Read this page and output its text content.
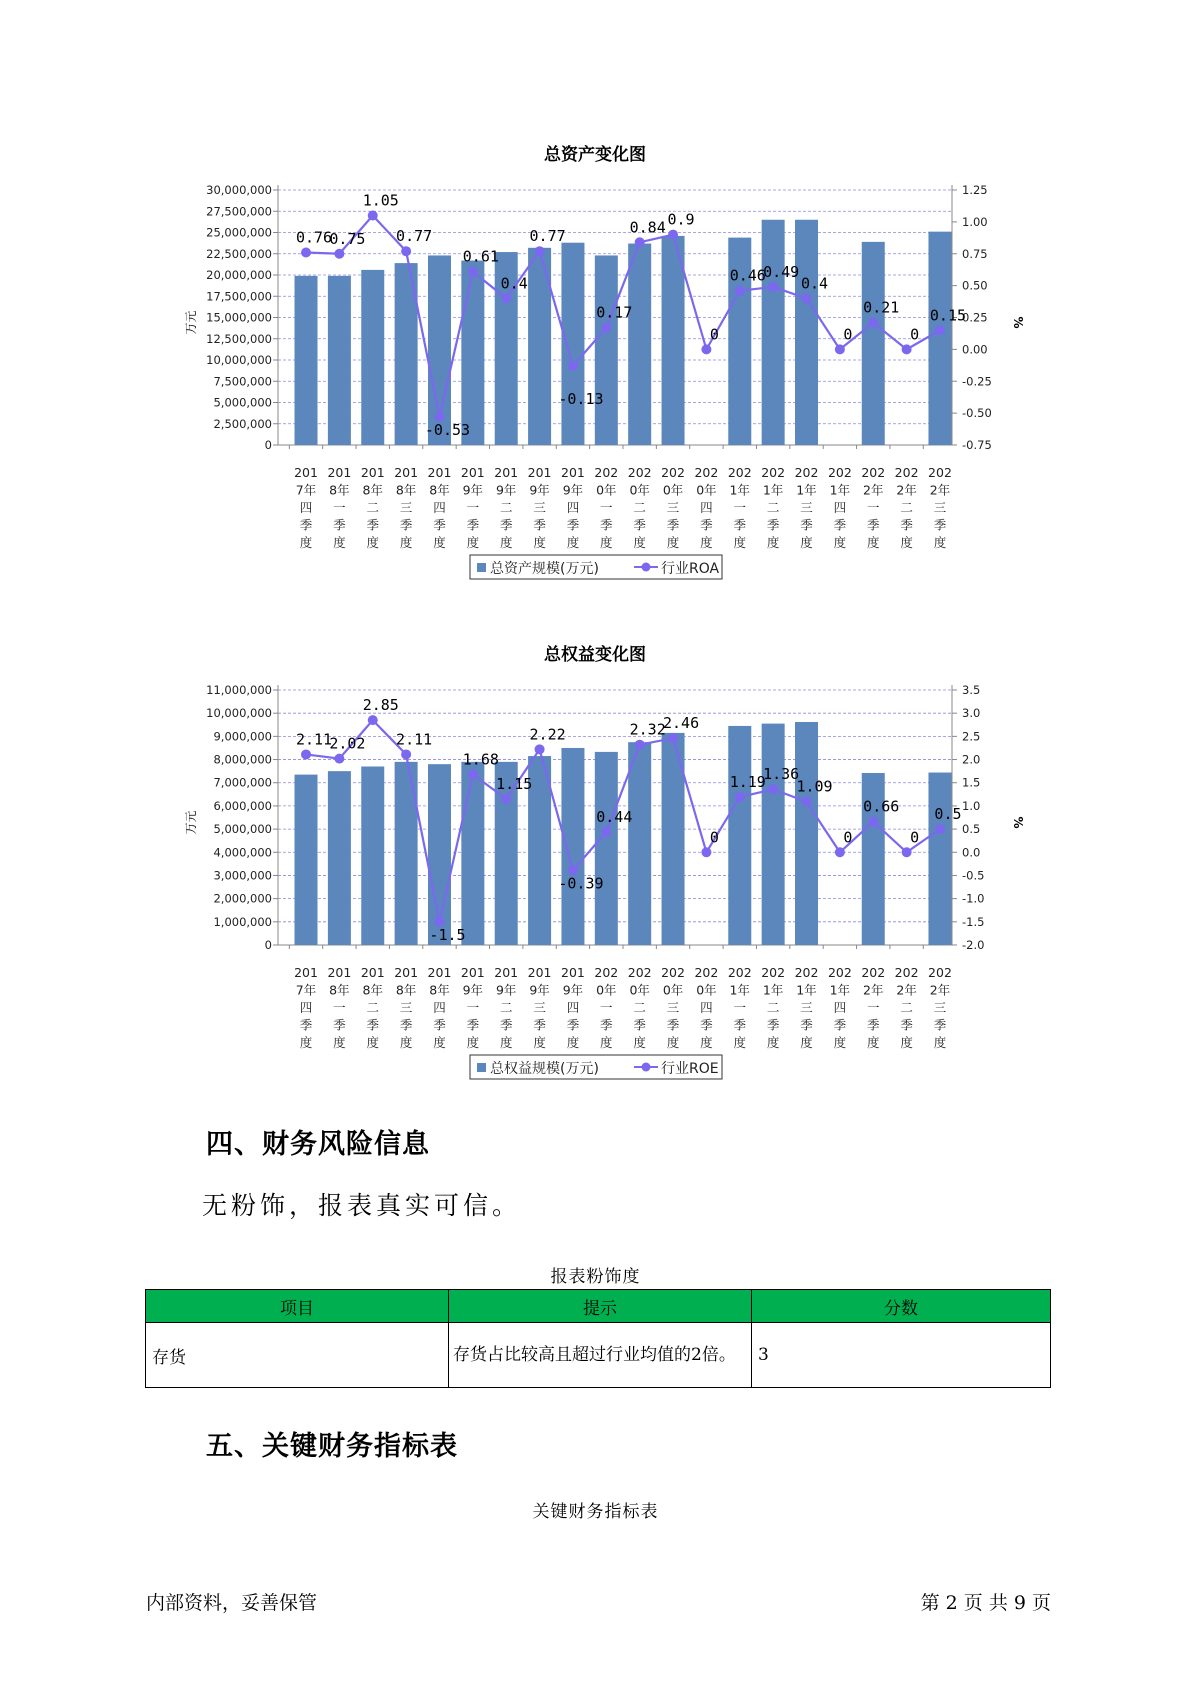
总资产变化图
0
2,500,000
5,000,000
7,500,000
10,000,000
12,500,000
15,000,000
17,500,000
20,000,000
22,500,000
25,000,000
27,500,000
30,000,000
-0.75
-0.50
-0.25
0.00
0.25
0.50
0.75
1.00
1.25
万元	%
201 7年四季度
201 8年一季度
201 8年二季度
201 8年三季度
201 8年四季度
201 9年一季度
201 9年二季度
201 9年三季度
201 9年四季度
202 0年一季度
202 0年二季度
202 0年三季度
202 0年四季度
202 1年一季度
202 1年二季度
202 1年三季度
202 1年四季度
202 2年一季度
202 2年二季度
202 2年三季度
0.76
0.75
1.05
0.77
-0.53
0.61
0.4
0.77
-0.13
0.17
0.84 0.9
0
0.46
0.49
0.4
0
0.21
0
0.15
总资产规模(万元)	行业ROA
总权益变化图
0
1,000,000
2,000,000
3,000,000
4,000,000
5,000,000
6,000,000
7,000,000
8,000,000
9,000,000
10,000,000
11,000,000
-2.0
-1.5
-1.0
-0.5
0.0
0.5
1.0
1.5
2.0
2.5
3.0
3.5
万元	%
201 7年四季度
201 8年一季度
201 8年二季度
201 8年三季度
201 8年四季度
201 9年一季度
201 9年二季度
201 9年三季度
201 9年四季度
202 0年一季度
202 0年二季度
202 0年三季度
202 0年四季度
202 1年一季度
202 1年二季度
202 1年三季度
202 1年四季度
202 2年一季度
202 2年二季度
202 2年三季度
2.11
2.02
2.85
2.11
-1.5
1.68
1.15
2.22
-0.39
0.44
2.32
2.46
0
1.19
1.36
1.09
0
0.66
0
0.5
总权益规模(万元)	行业ROE
四、财务风险信息

无粉饰，报表真实可信。

报表粉饰度

项目	提示	分数
存货	存货占比较高且超过行业均值的2倍。	3
五、关键财务指标表

关键财务指标表

内部资料，妥善保管	第 2 页 共 9 页
